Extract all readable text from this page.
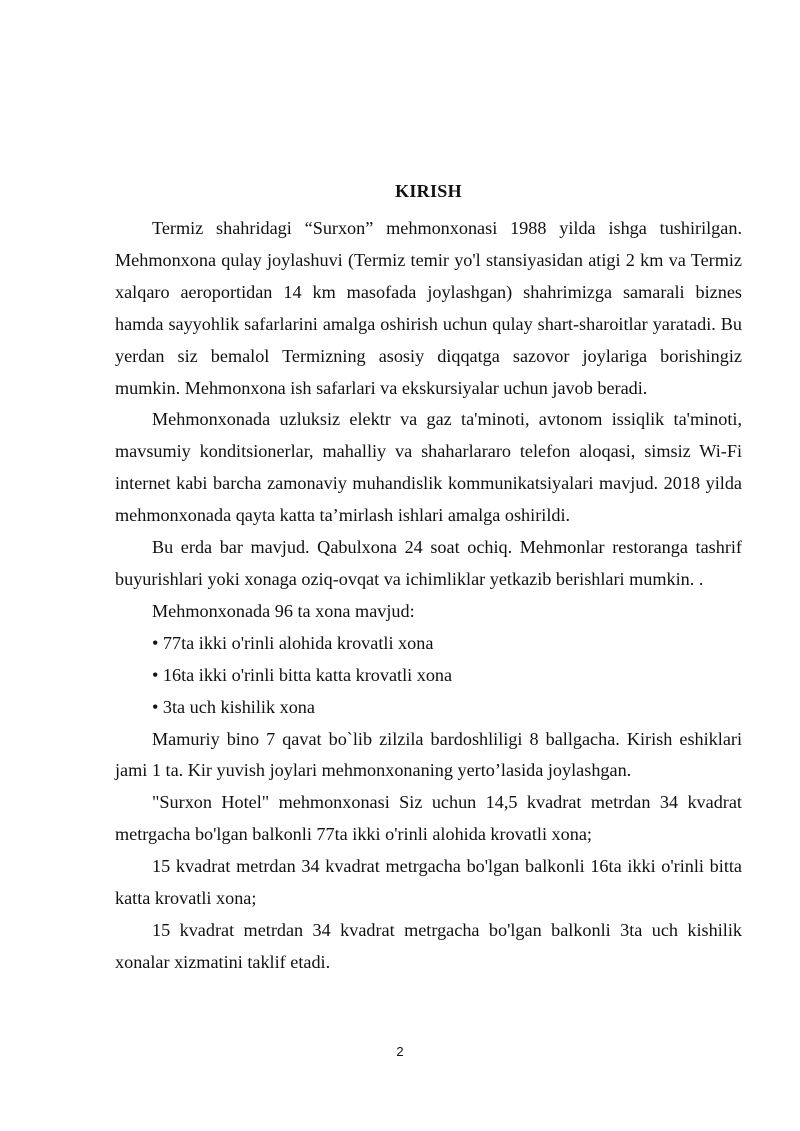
KIRISH

Termiz shahridagi “Surxon” mehmonxonasi 1988 yilda ishga tushirilgan. Mehmonxona qulay joylashuvi (Termiz temir yo'l stansiyasidan atigi 2 km va Termiz xalqaro aeroportidan 14 km masofada joylashgan) shahrimizga samarali biznes hamda sayyohlik safarlarini amalga oshirish uchun qulay shart-sharoitlar yaratadi. Bu yerdan siz bemalol Termizning asosiy diqqatga sazovor joylariga borishingiz mumkin. Mehmonxona ish safarlari va ekskursiyalar uchun javob beradi.

Mehmonxonada uzluksiz elektr va gaz ta'minoti, avtonom issiqlik ta'minoti, mavsumiy konditsionerlar, mahalliy va shaharlararo telefon aloqasi, simsiz Wi-Fi internet kabi barcha zamonaviy muhandislik kommunikatsiyalari mavjud. 2018 yilda mehmonxonada qayta katta ta’mirlash ishlari amalga oshirildi.

Bu erda bar mavjud. Qabulxona 24 soat ochiq. Mehmonlar restoranga tashrif buyurishlari yoki xonaga oziq-ovqat va ichimliklar yetkazib berishlari mumkin. .

Mehmonxonada 96 ta xona mavjud:

• 77ta ikki o'rinli alohida krovatli xona
• 16ta ikki o'rinli bitta katta krovatli xona
• 3ta uch kishilik xona

Mamuriy bino 7 qavat bo`lib zilzila bardoshliligi 8 ballgacha. Kirish eshiklari jami 1 ta. Kir yuvish joylari mehmonxonaning yerto’lasida joylashgan.

"Surxon Hotel" mehmonxonasi Siz uchun 14,5 kvadrat metrdan 34 kvadrat metrgacha bo'lgan balkonli 77ta ikki o'rinli alohida krovatli xona;

15 kvadrat metrdan 34 kvadrat metrgacha bo'lgan balkonli 16ta ikki o'rinli bitta katta krovatli xona;

15 kvadrat metrdan 34 kvadrat metrgacha bo'lgan balkonli 3ta uch kishilik xonalar xizmatini taklif etadi.

2
